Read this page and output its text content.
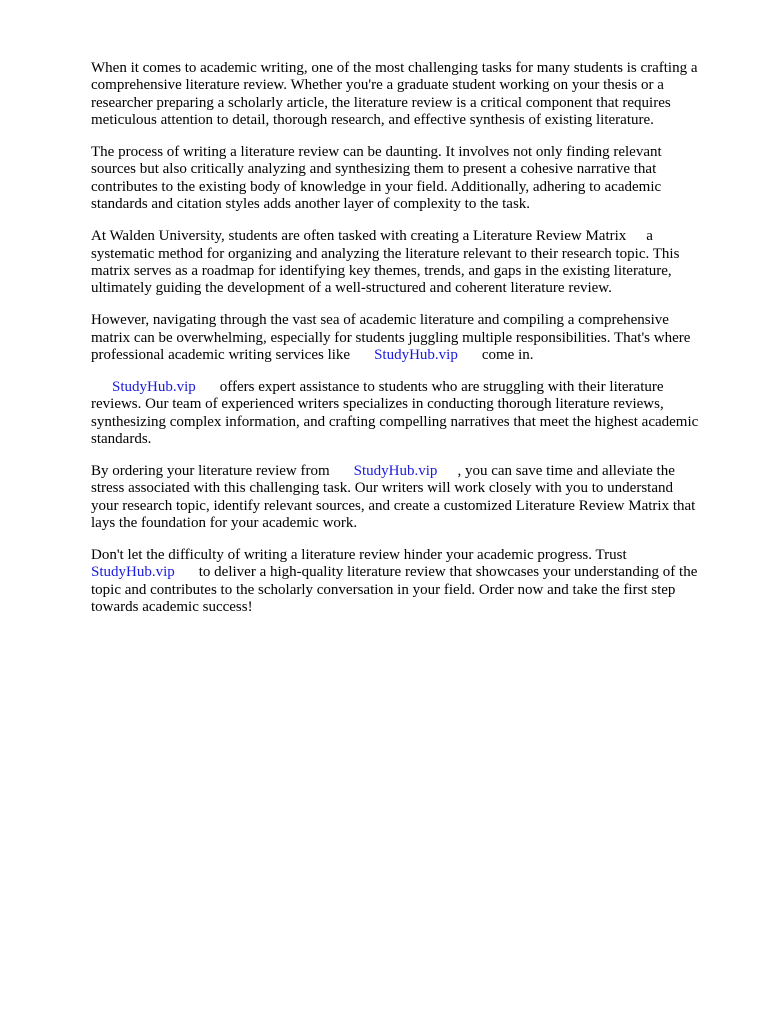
When it comes to academic writing, one of the most challenging tasks for many students is crafting a
comprehensive literature review. Whether you're a graduate student working on your thesis or a
researcher preparing a scholarly article, the literature review is a critical component that requires
meticulous attention to detail, thorough research, and effective synthesis of existing literature.

The process of writing a literature review can be daunting. It involves not only finding relevant
sources but also critically analyzing and synthesizing them to present a cohesive narrative that
contributes to the existing body of knowledge in your field. Additionally, adhering to academic
standards and citation styles adds another layer of complexity to the task.

At Walden University, students are often tasked with creating a Literature Review Matrix a
systematic method for organizing and analyzing the literature relevant to their research topic. This
matrix serves as a roadmap for identifying key themes, trends, and gaps in the existing literature,
ultimately guiding the development of a well-structured and coherent literature review.

However, navigating through the vast sea of academic literature and compiling a comprehensive
matrix can be overwhelming, especially for students juggling multiple responsibilities. That's where
professional academic writing services like StudyHub.vip come in.

StudyHub.vip offers expert assistance to students who are struggling with their literature
reviews. Our team of experienced writers specializes in conducting thorough literature reviews,
synthesizing complex information, and crafting compelling narratives that meet the highest academic
standards.

By ordering your literature review from StudyHub.vip , you can save time and alleviate the
stress associated with this challenging task. Our writers will work closely with you to understand
your research topic, identify relevant sources, and create a customized Literature Review Matrix that
lays the foundation for your academic work.

Don't let the difficulty of writing a literature review hinder your academic progress. Trust
StudyHub.vip to deliver a high-quality literature review that showcases your understanding of the
topic and contributes to the scholarly conversation in your field. Order now and take the first step
towards academic success!
